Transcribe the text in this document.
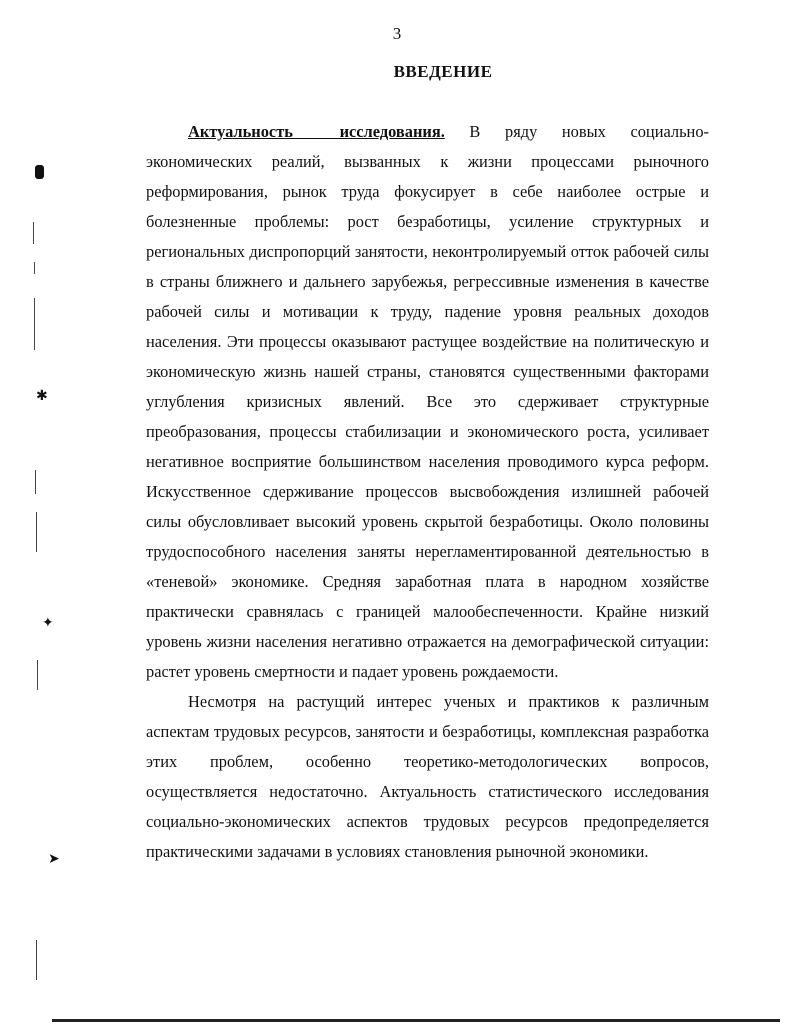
3
ВВЕДЕНИЕ

Актуальность исследования. В ряду новых социально-экономических реалий, вызванных к жизни процессами рыночного реформирования, рынок труда фокусирует в себе наиболее острые и болезненные проблемы: рост безработицы, усиление структурных и региональных диспропорций занятости, неконтролируемый отток рабочей силы в страны ближнего и дальнего зарубежья, регрессивные изменения в качестве рабочей силы и мотивации к труду, падение уровня реальных доходов населения. Эти процессы оказывают растущее воздействие на политическую и экономическую жизнь нашей страны, становятся существенными факторами углубления кризисных явлений. Все это сдерживает структурные преобразования, процессы стабилизации и экономического роста, усиливает негативное восприятие большинством населения проводимого курса реформ. Искусственное сдерживание процессов высвобождения излишней рабочей силы обусловливает высокий уровень скрытой безработицы. Около половины трудоспособного населения заняты нерегламентированной деятельностью в «теневой» экономике. Средняя заработная плата в народном хозяйстве практически сравнялась с границей малообеспеченности. Крайне низкий уровень жизни населения негативно отражается на демографической ситуации: растет уровень смертности и падает уровень рождаемости.

Несмотря на растущий интерес ученых и практиков к различным аспектам трудовых ресурсов, занятости и безработицы, комплексная разработка этих проблем, особенно теоретико-методологических вопросов, осуществляется недостаточно. Актуальность статистического исследования социально-экономических аспектов трудовых ресурсов предопределяется практическими задачами в условиях становления рыночной экономики.

✱
✦
➤
